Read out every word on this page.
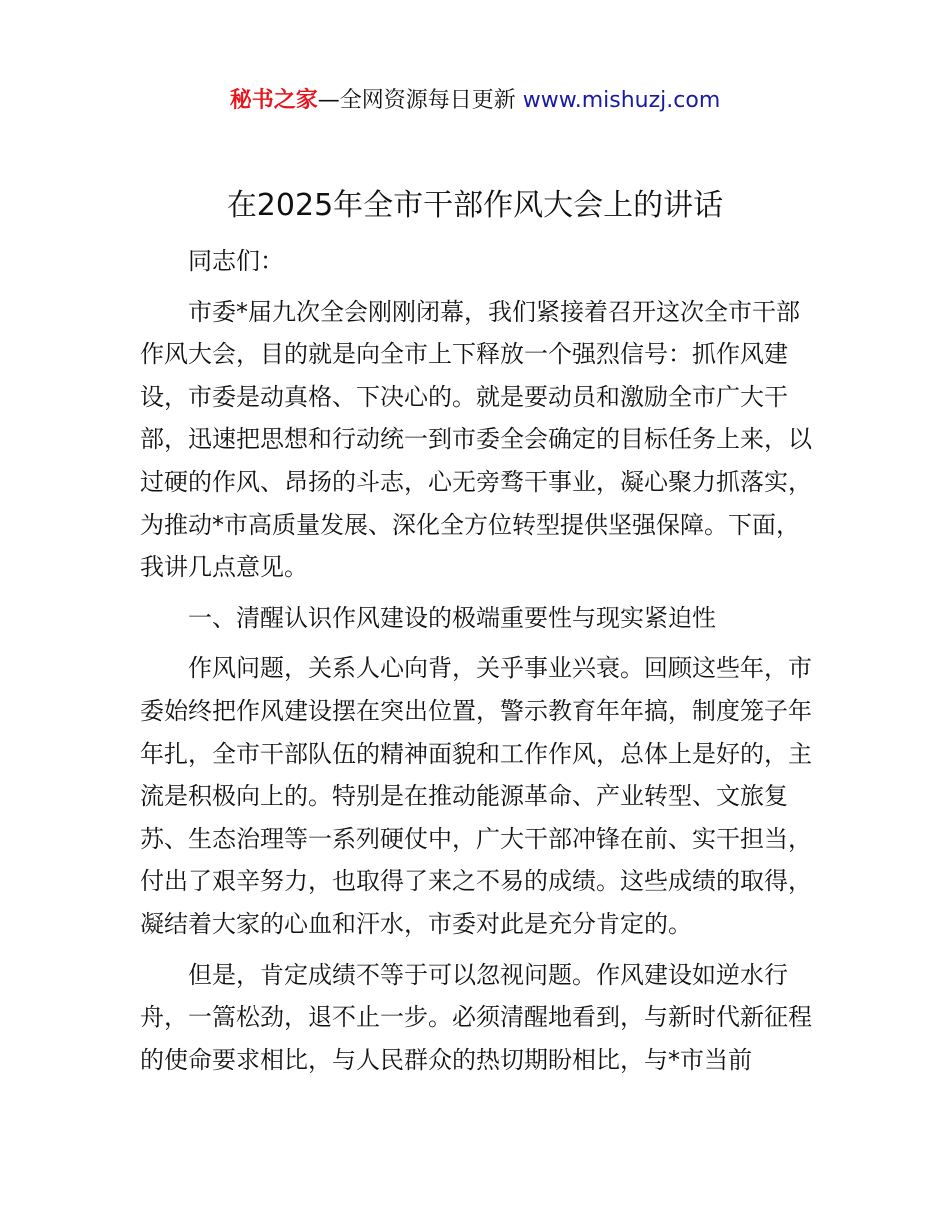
秘书之家—全网资源每日更新 www.mishuzj.com
在2025年全市干部作风大会上的讲话

同志们：

市委*届九次全会刚刚闭幕，我们紧接着召开这次全市干部作风大会，目的就是向全市上下释放一个强烈信号：抓作风建设，市委是动真格、下决心的。就是要动员和激励全市广大干部，迅速把思想和行动统一到市委全会确定的目标任务上来，以过硬的作风、昂扬的斗志，心无旁骛干事业，凝心聚力抓落实，为推动*市高质量发展、深化全方位转型提供坚强保障。下面，我讲几点意见。

一、清醒认识作风建设的极端重要性与现实紧迫性

作风问题，关系人心向背，关乎事业兴衰。回顾这些年，市委始终把作风建设摆在突出位置，警示教育年年搞，制度笼子年年扎，全市干部队伍的精神面貌和工作作风，总体上是好的，主流是积极向上的。特别是在推动能源革命、产业转型、文旅复苏、生态治理等一系列硬仗中，广大干部冲锋在前、实干担当，付出了艰辛努力，也取得了来之不易的成绩。这些成绩的取得，凝结着大家的心血和汗水，市委对此是充分肯定的。

但是，肯定成绩不等于可以忽视问题。作风建设如逆水行舟，一篙松劲，退不止一步。必须清醒地看到，与新时代新征程的使命要求相比，与人民群众的热切期盼相比，与*市当前
